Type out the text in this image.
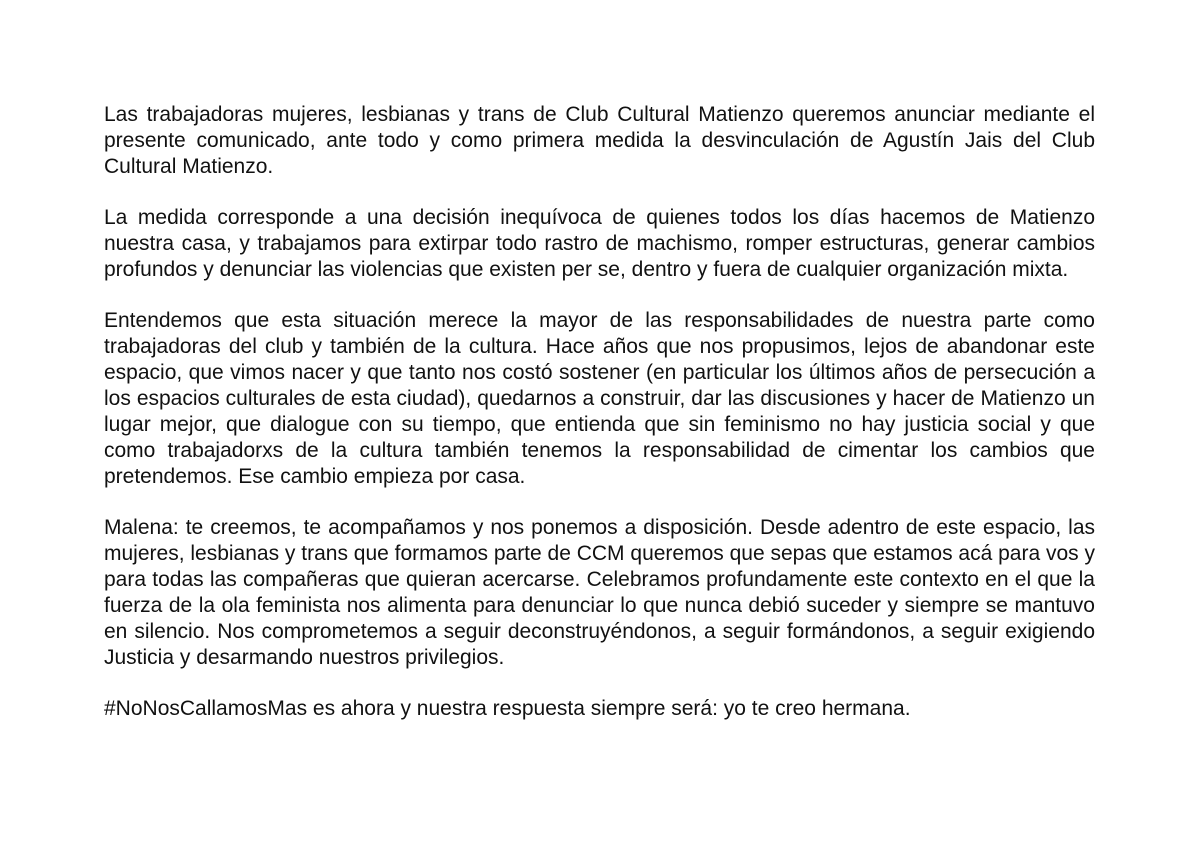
Las trabajadoras mujeres, lesbianas y trans de Club Cultural Matienzo queremos anunciar mediante el presente comunicado, ante todo y como primera medida la desvinculación de Agustín Jais del Club Cultural Matienzo.

La medida corresponde a una decisión inequívoca de quienes todos los días hacemos de Matienzo nuestra casa, y trabajamos para extirpar todo rastro de machismo, romper estructuras, generar cambios profundos y denunciar las violencias que existen per se, dentro y fuera de cualquier organización mixta.

Entendemos que esta situación merece la mayor de las responsabilidades de nuestra parte como trabajadoras del club y también de la cultura. Hace años que nos propusimos, lejos de abandonar este espacio, que vimos nacer y que tanto nos costó sostener (en particular los últimos años de persecución a los espacios culturales de esta ciudad), quedarnos a construir, dar las discusiones y hacer de Matienzo un lugar mejor, que dialogue con su tiempo, que entienda que sin feminismo no hay justicia social y que como trabajadorxs de la cultura también tenemos la responsabilidad de cimentar los cambios que pretendemos. Ese cambio empieza por casa.

Malena: te creemos, te acompañamos y nos ponemos a disposición. Desde adentro de este espacio, las mujeres, lesbianas y trans que formamos parte de CCM queremos que sepas que estamos acá para vos y para todas las compañeras que quieran acercarse. Celebramos profundamente este contexto en el que la fuerza de la ola feminista nos alimenta para denunciar lo que nunca debió suceder y siempre se mantuvo en silencio. Nos comprometemos a seguir deconstruyéndonos, a seguir formándonos, a seguir exigiendo Justicia y desarmando nuestros privilegios.

#NoNosCallamosMas es ahora y nuestra respuesta siempre será: yo te creo hermana.
